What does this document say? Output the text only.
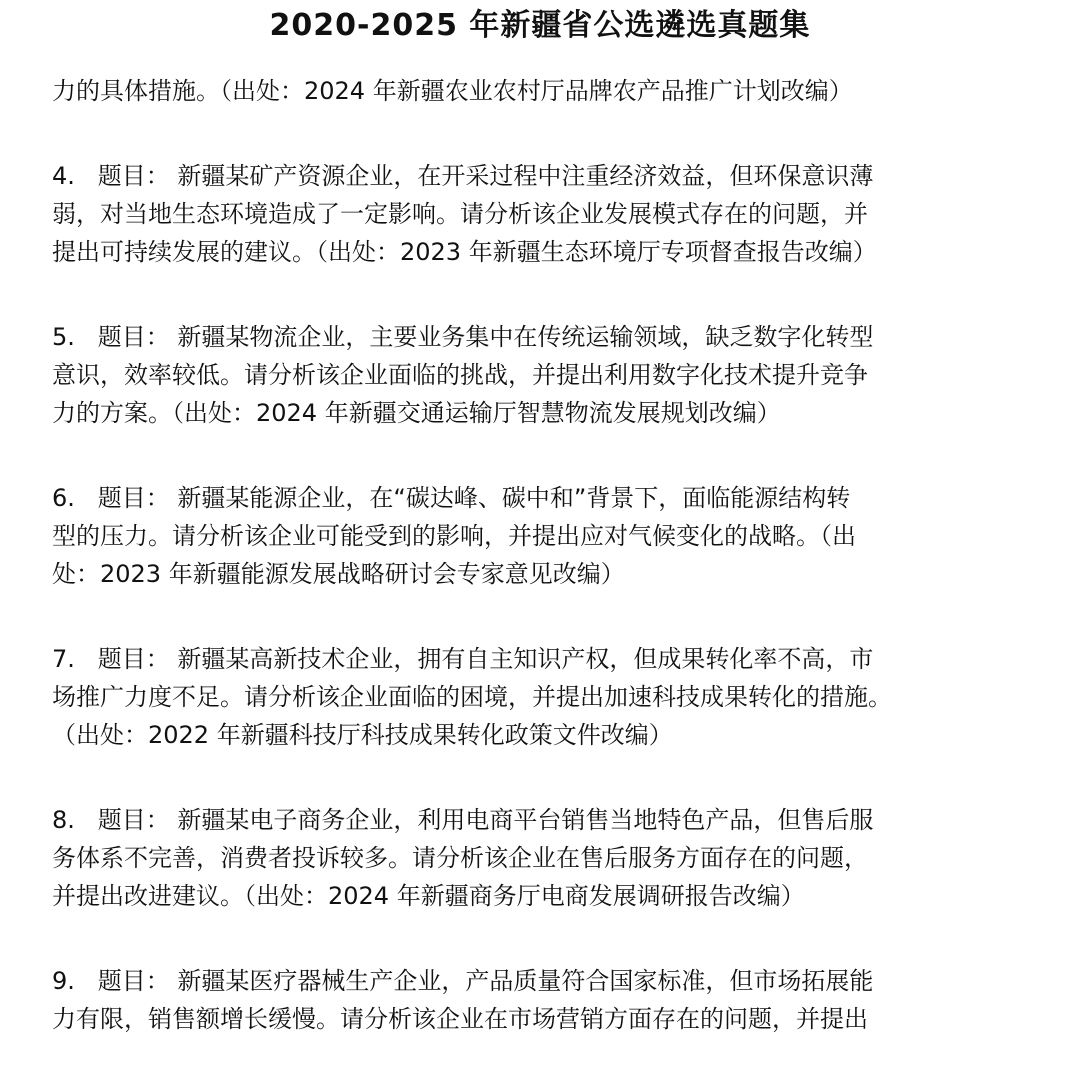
2020-2025 年新疆省公选遴选真题集
力的具体措施。（出处：2024 年新疆农业农村厅品牌农产品推广计划改编）
4.   题目： 新疆某矿产资源企业，在开采过程中注重经济效益，但环保意识薄
弱，对当地生态环境造成了一定影响。请分析该企业发展模式存在的问题，并
提出可持续发展的建议。（出处：2023 年新疆生态环境厅专项督查报告改编）
5.   题目： 新疆某物流企业，主要业务集中在传统运输领域，缺乏数字化转型
意识，效率较低。请分析该企业面临的挑战，并提出利用数字化技术提升竞争
力的方案。（出处：2024 年新疆交通运输厅智慧物流发展规划改编）
6.   题目： 新疆某能源企业，在“碳达峰、碳中和”背景下，面临能源结构转
型的压力。请分析该企业可能受到的影响，并提出应对气候变化的战略。（出
处：2023 年新疆能源发展战略研讨会专家意见改编）
7.   题目： 新疆某高新技术企业，拥有自主知识产权，但成果转化率不高，市
场推广力度不足。请分析该企业面临的困境，并提出加速科技成果转化的措施。
（出处：2022 年新疆科技厅科技成果转化政策文件改编）
8.   题目： 新疆某电子商务企业，利用电商平台销售当地特色产品，但售后服
务体系不完善，消费者投诉较多。请分析该企业在售后服务方面存在的问题，
并提出改进建议。（出处：2024 年新疆商务厅电商发展调研报告改编）
9.   题目： 新疆某医疗器械生产企业，产品质量符合国家标准，但市场拓展能
力有限，销售额增长缓慢。请分析该企业在市场营销方面存在的问题，并提出
